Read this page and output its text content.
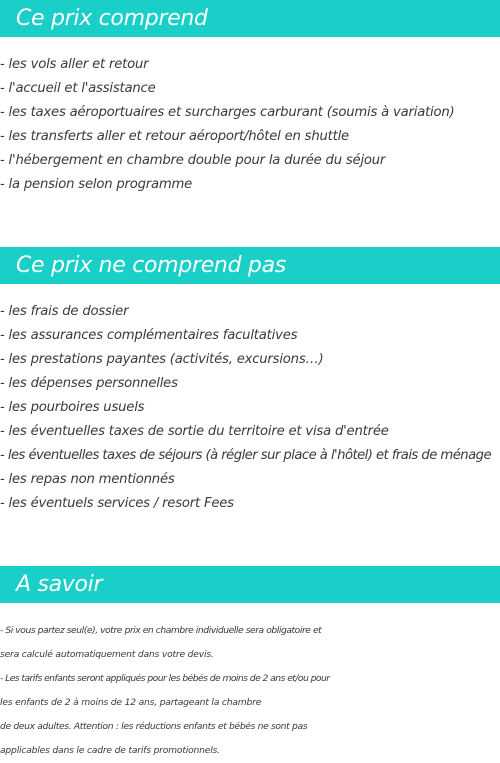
Ce prix comprend
- les vols aller et retour
- l'accueil et l'assistance
- les taxes aéroportuaires et surcharges carburant (soumis à variation)
- les transferts aller et retour aéroport/hôtel en shuttle
- l'hébergement en chambre double pour la durée du séjour
- la pension selon programme
Ce prix ne comprend pas
- les frais de dossier
- les assurances complémentaires facultatives
- les prestations payantes (activités, excursions…)
- les dépenses personnelles
- les pourboires usuels
- les éventuelles taxes de sortie du territoire et visa d'entrée
- les éventuelles taxes de séjours (à régler sur place à l'hôtel) et frais de ménage
- les repas non mentionnés
- les éventuels services / resort Fees
A savoir
- Si vous partez seul(e), votre prix en chambre individuelle sera obligatoire et
sera calculé automatiquement dans votre devis.
- Les tarifs enfants seront appliqués pour les bébés de moins de 2 ans et/ou pour
les enfants de 2 à moins de 12 ans, partageant la chambre
de deux adultes. Attention : les réductions enfants et bébés ne sont pas
applicables dans le cadre de tarifs promotionnels.
